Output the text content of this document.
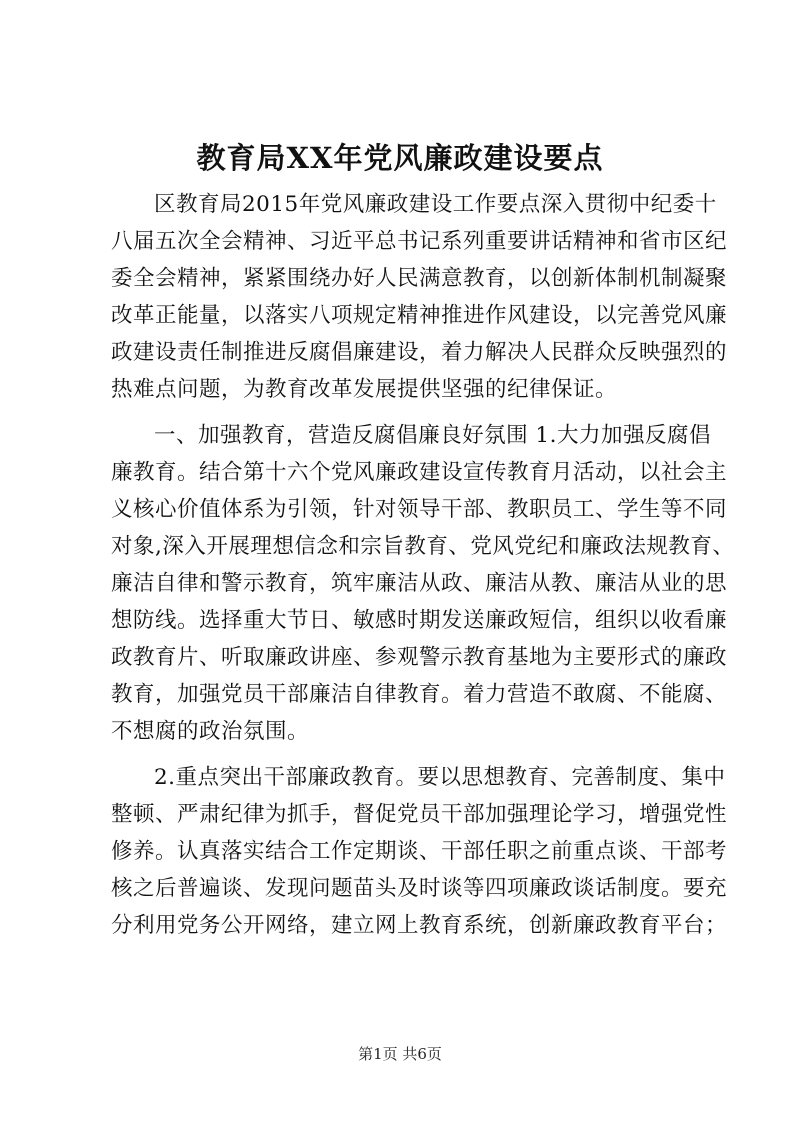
教育局XX年党风廉政建设要点
区教育局2015年党风廉政建设工作要点深入贯彻中纪委十
八届五次全会精神、习近平总书记系列重要讲话精神和省市区纪
委全会精神，紧紧围绕办好人民满意教育，以创新体制机制凝聚
改革正能量，以落实八项规定精神推进作风建设，以完善党风廉
政建设责任制推进反腐倡廉建设，着力解决人民群众反映强烈的
热难点问题，为教育改革发展提供坚强的纪律保证。
一、加强教育，营造反腐倡廉良好氛围 1.大力加强反腐倡
廉教育。结合第十六个党风廉政建设宣传教育月活动，以社会主
义核心价值体系为引领，针对领导干部、教职员工、学生等不同
对象,深入开展理想信念和宗旨教育、党风党纪和廉政法规教育、
廉洁自律和警示教育，筑牢廉洁从政、廉洁从教、廉洁从业的思
想防线。选择重大节日、敏感时期发送廉政短信，组织以收看廉
政教育片、听取廉政讲座、参观警示教育基地为主要形式的廉政
教育，加强党员干部廉洁自律教育。着力营造不敢腐、不能腐、
不想腐的政治氛围。
2.重点突出干部廉政教育。要以思想教育、完善制度、集中
整顿、严肃纪律为抓手，督促党员干部加强理论学习，增强党性
修养。认真落实结合工作定期谈、干部任职之前重点谈、干部考
核之后普遍谈、发现问题苗头及时谈等四项廉政谈话制度。要充
分利用党务公开网络，建立网上教育系统，创新廉政教育平台；
第1页 共6页
